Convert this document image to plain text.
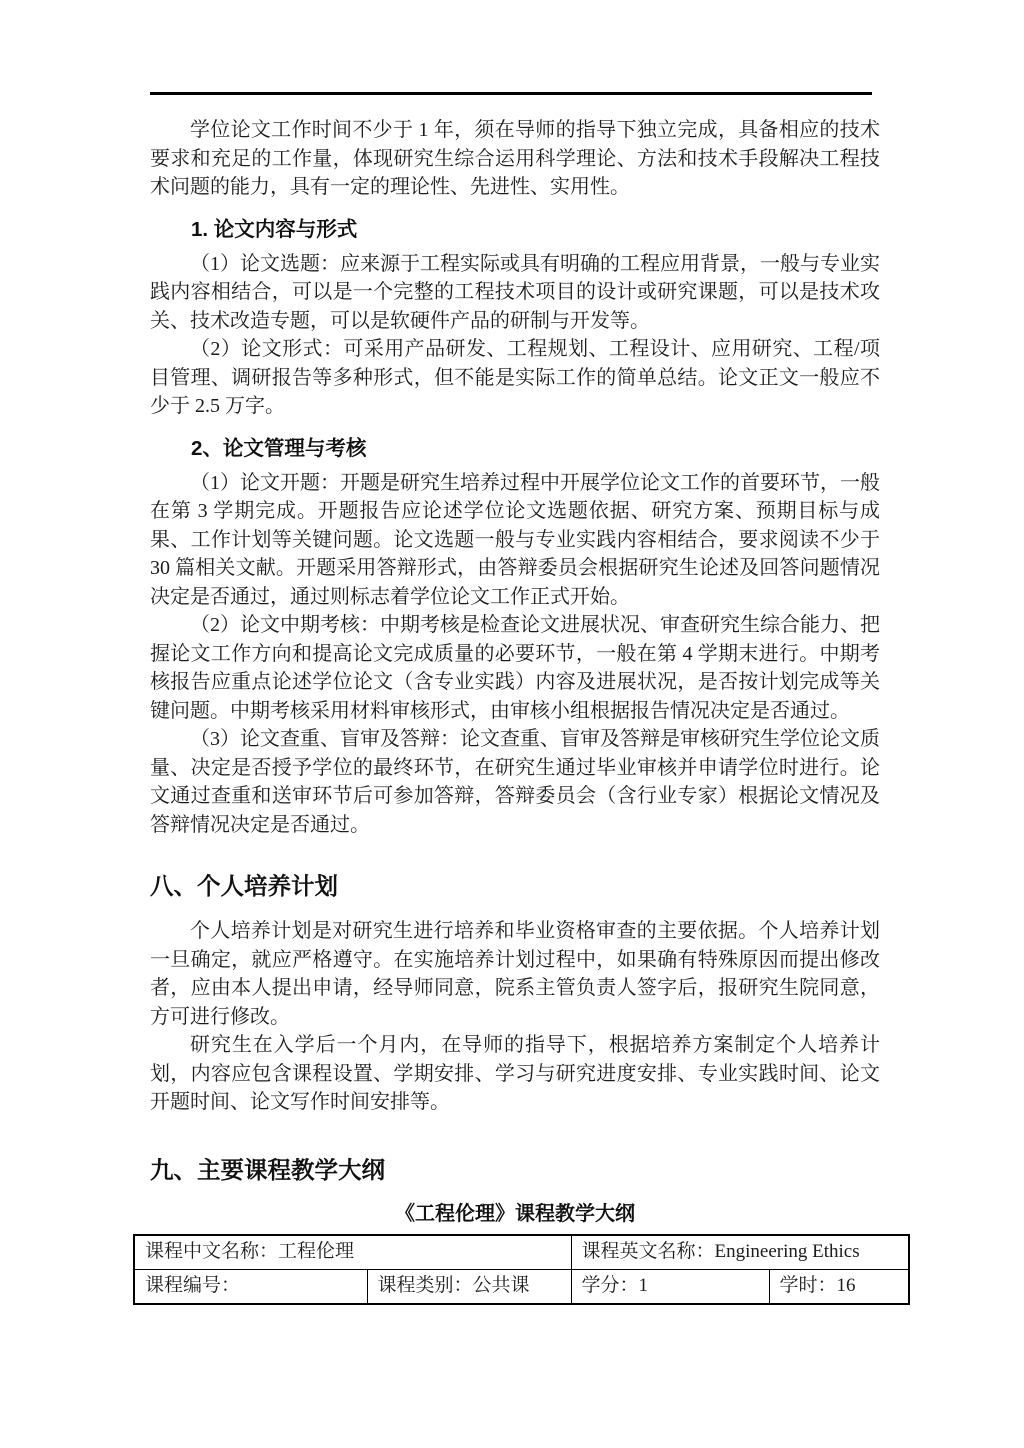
学位论文工作时间不少于 1 年，须在导师的指导下独立完成，具备相应的技术要求和充足的工作量，体现研究生综合运用科学理论、方法和技术手段解决工程技术问题的能力，具有一定的理论性、先进性、实用性。

1. 论文内容与形式

（1）论文选题：应来源于工程实际或具有明确的工程应用背景，一般与专业实践内容相结合，可以是一个完整的工程技术项目的设计或研究课题，可以是技术攻关、技术改造专题，可以是软硬件产品的研制与开发等。

（2）论文形式：可采用产品研发、工程规划、工程设计、应用研究、工程/项目管理、调研报告等多种形式，但不能是实际工作的简单总结。论文正文一般应不少于 2.5 万字。

2、论文管理与考核

（1）论文开题：开题是研究生培养过程中开展学位论文工作的首要环节，一般在第 3 学期完成。开题报告应论述学位论文选题依据、研究方案、预期目标与成果、工作计划等关键问题。论文选题一般与专业实践内容相结合，要求阅读不少于 30 篇相关文献。开题采用答辩形式，由答辩委员会根据研究生论述及回答问题情况决定是否通过，通过则标志着学位论文工作正式开始。

（2）论文中期考核：中期考核是检查论文进展状况、审查研究生综合能力、把握论文工作方向和提高论文完成质量的必要环节，一般在第 4 学期末进行。中期考核报告应重点论述学位论文（含专业实践）内容及进展状况，是否按计划完成等关键问题。中期考核采用材料审核形式，由审核小组根据报告情况决定是否通过。

（3）论文查重、盲审及答辩：论文查重、盲审及答辩是审核研究生学位论文质量、决定是否授予学位的最终环节，在研究生通过毕业审核并申请学位时进行。论文通过查重和送审环节后可参加答辩，答辩委员会（含行业专家）根据论文情况及答辩情况决定是否通过。

八、个人培养计划

个人培养计划是对研究生进行培养和毕业资格审查的主要依据。个人培养计划一旦确定，就应严格遵守。在实施培养计划过程中，如果确有特殊原因而提出修改者，应由本人提出申请，经导师同意，院系主管负责人签字后，报研究生院同意，方可进行修改。

研究生在入学后一个月内，在导师的指导下，根据培养方案制定个人培养计划，内容应包含课程设置、学期安排、学习与研究进度安排、专业实践时间、论文开题时间、论文写作时间安排等。

九、主要课程教学大纲
《工程伦理》课程教学大纲
课程中文名称：工程伦理		课程英文名称：Engineering Ethics	
课程编号：	课程类别：公共课	学分：1	学时：16
